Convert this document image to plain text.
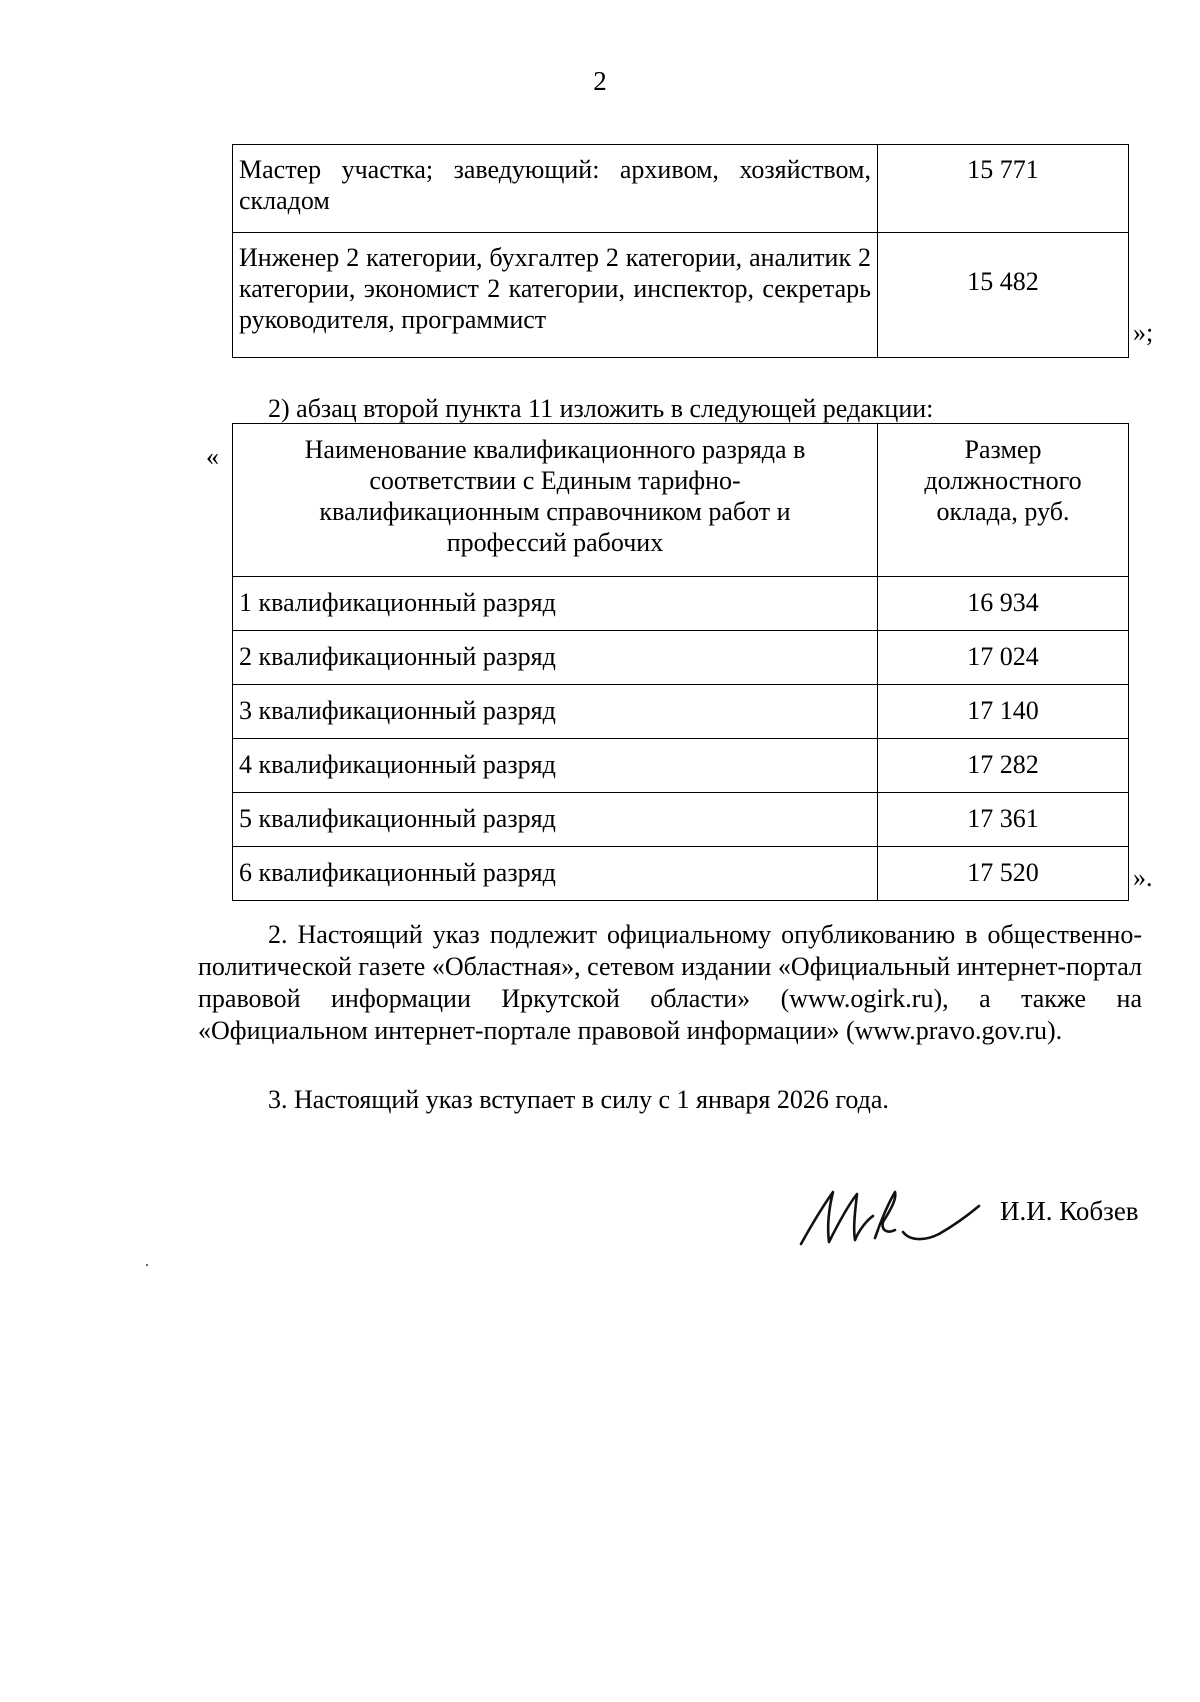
2
Мастер участка; заведующий: архивом, хозяйством, складом	15 771
Инженер 2 категории, бухгалтер 2 категории, аналитик 2 категории, экономист 2 категории, инспектор, секретарь руководителя, программист	15 482
»;
2) абзац второй пункта 11 изложить в следующей редакции:
«	Наименование квалификационного разряда в соответствии с Единым тарифно-квалификационным справочником работ и профессий рабочих	Размер должностного оклада, руб.
1 квалификационный разряд	16 934
2 квалификационный разряд	17 024
3 квалификационный разряд	17 140
4 квалификационный разряд	17 282
5 квалификационный разряд	17 361
6 квалификационный разряд	17 520	».
2. Настоящий указ подлежит официальному опубликованию в общественно-политической газете «Областная», сетевом издании «Официальный интернет-портал правовой информации Иркутской области» (www.ogirk.ru), а также на «Официальном интернет-портале правовой информации» (www.pravo.gov.ru).
3. Настоящий указ вступает в силу с 1 января 2026 года.
И.И. Кобзев
